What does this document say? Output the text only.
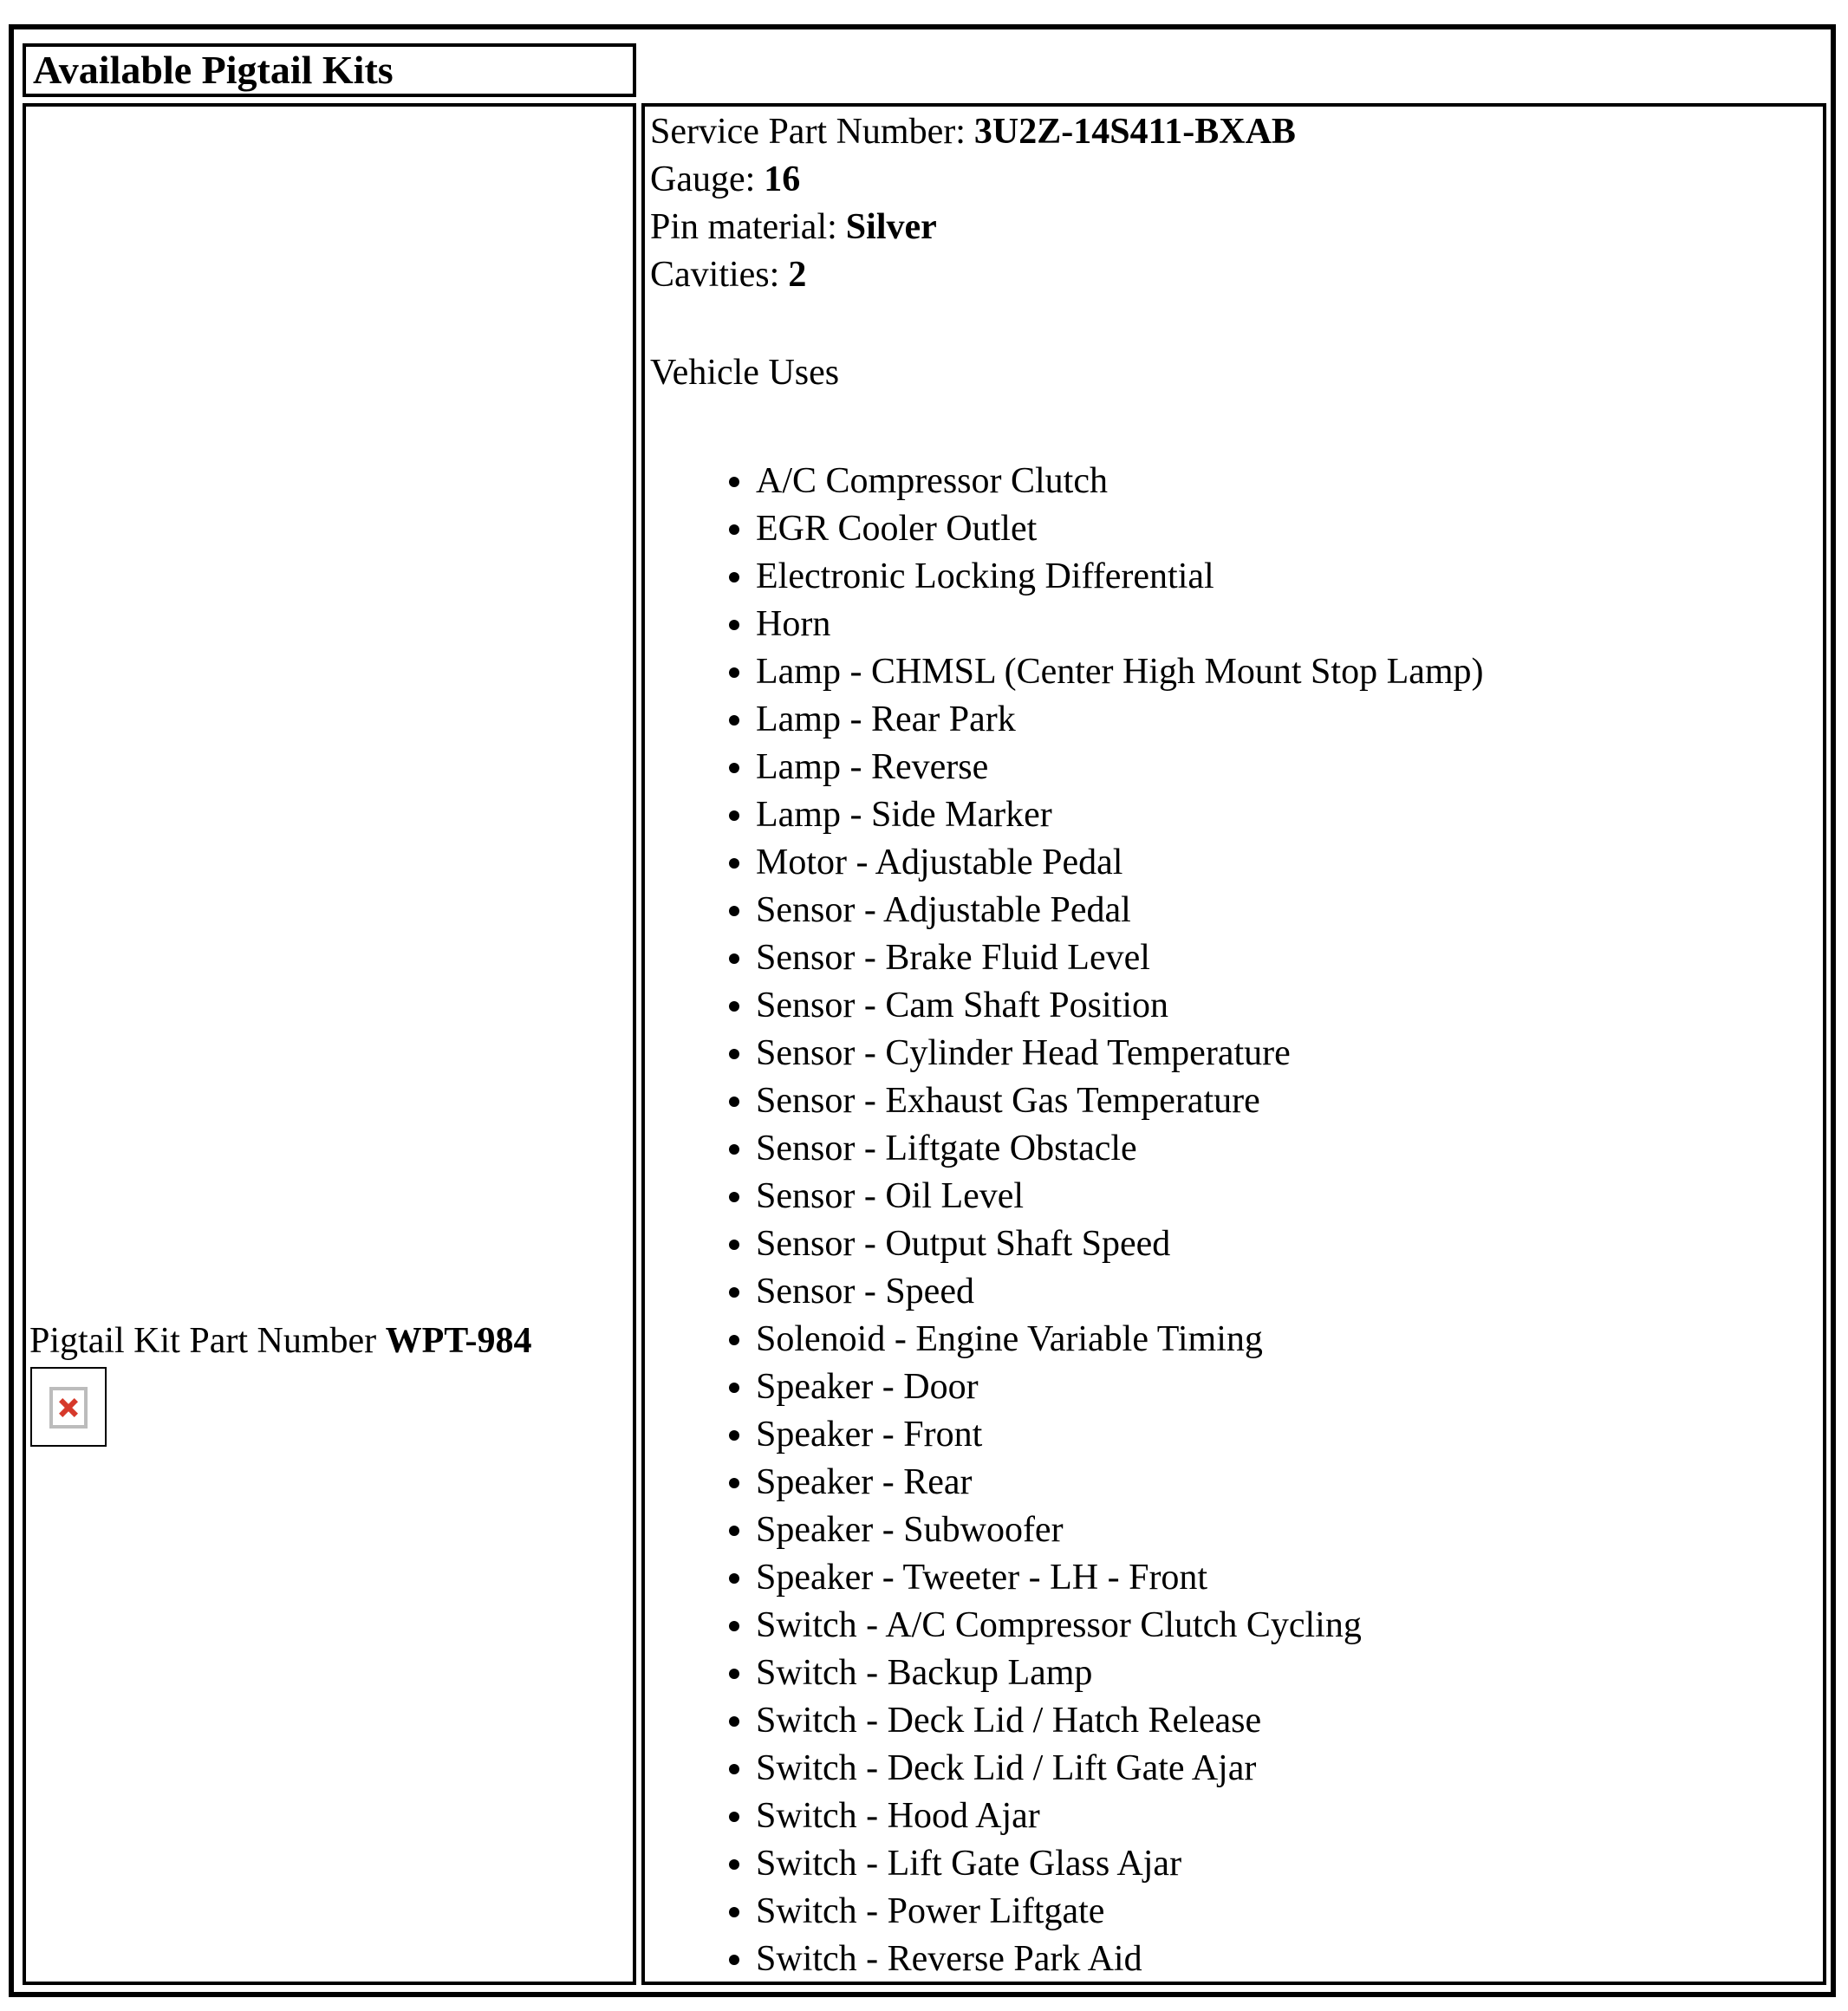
Available Pigtail Kits
Pigtail Kit Part Number WPT-984
Service Part Number: 3U2Z-14S411-BXAB
Gauge: 16
Pin material: Silver
Cavities: 2
Vehicle Uses
• A/C Compressor Clutch
• EGR Cooler Outlet
• Electronic Locking Differential
• Horn
• Lamp - CHMSL (Center High Mount Stop Lamp)
• Lamp - Rear Park
• Lamp - Reverse
• Lamp - Side Marker
• Motor - Adjustable Pedal
• Sensor - Adjustable Pedal
• Sensor - Brake Fluid Level
• Sensor - Cam Shaft Position
• Sensor - Cylinder Head Temperature
• Sensor - Exhaust Gas Temperature
• Sensor - Liftgate Obstacle
• Sensor - Oil Level
• Sensor - Output Shaft Speed
• Sensor - Speed
• Solenoid - Engine Variable Timing
• Speaker - Door
• Speaker - Front
• Speaker - Rear
• Speaker - Subwoofer
• Speaker - Tweeter - LH - Front
• Switch - A/C Compressor Clutch Cycling
• Switch - Backup Lamp
• Switch - Deck Lid / Hatch Release
• Switch - Deck Lid / Lift Gate Ajar
• Switch - Hood Ajar
• Switch - Lift Gate Glass Ajar
• Switch - Power Liftgate
• Switch - Reverse Park Aid
